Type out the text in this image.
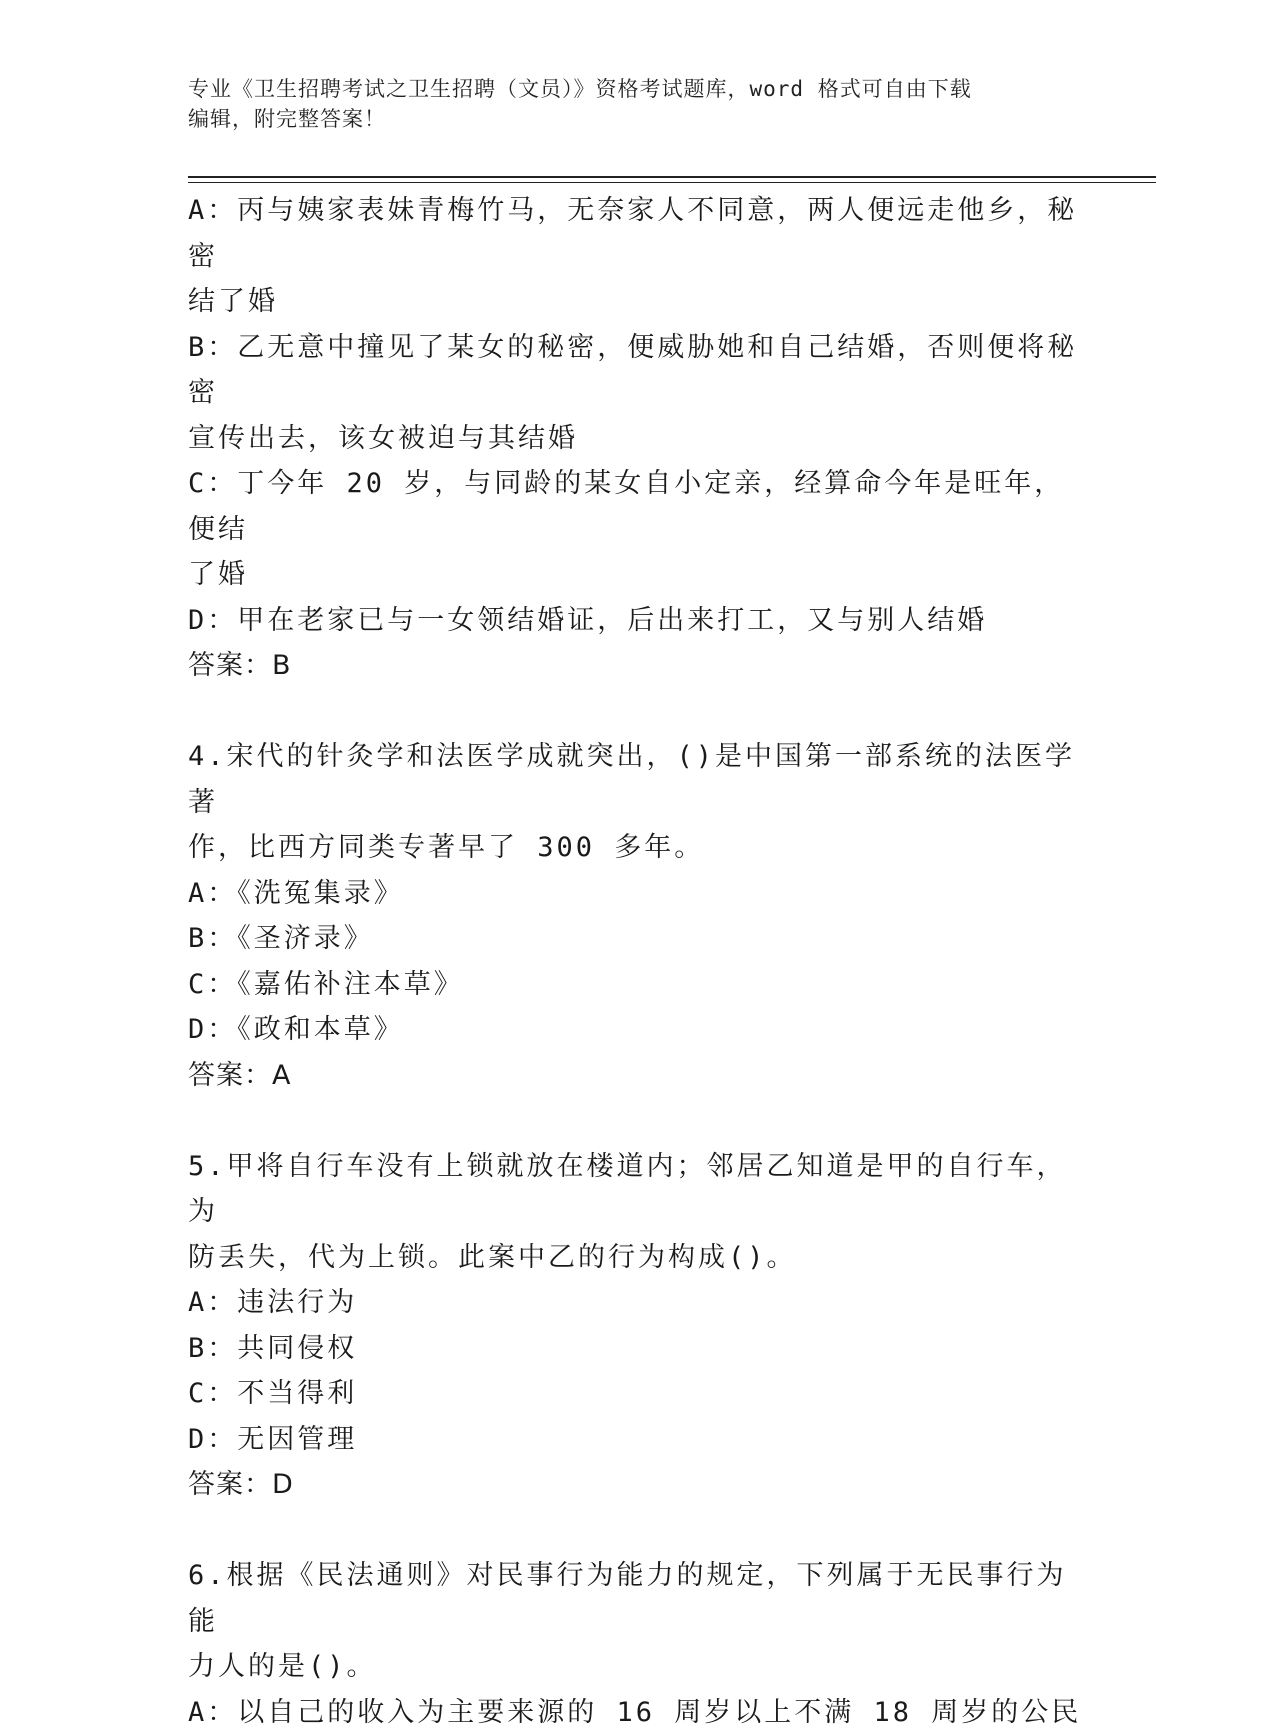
专业《卫生招聘考试之卫生招聘（文员）》资格考试题库，word 格式可自由下载
编辑，附完整答案！

A：丙与姨家表妹青梅竹马，无奈家人不同意，两人便远走他乡，秘密

结了婚

B：乙无意中撞见了某女的秘密，便威胁她和自己结婚，否则便将秘密

宣传出去，该女被迫与其结婚

C：丁今年 20 岁，与同龄的某女自小定亲，经算命今年是旺年，便结

了婚

D：甲在老家已与一女领结婚证，后出来打工，又与别人结婚

答案：B

4.宋代的针灸学和法医学成就突出，()是中国第一部系统的法医学著

作，比西方同类专著早了 300 多年。

A：《洗冤集录》

B：《圣济录》

C：《嘉佑补注本草》

D：《政和本草》

答案：A

5.甲将自行车没有上锁就放在楼道内；邻居乙知道是甲的自行车，为

防丢失，代为上锁。此案中乙的行为构成()。

A：违法行为

B：共同侵权

C：不当得利

D：无因管理

答案：D

6.根据《民法通则》对民事行为能力的规定，下列属于无民事行为能

力人的是()。

A：以自己的收入为主要来源的 16 周岁以上不满 18 周岁的公民
